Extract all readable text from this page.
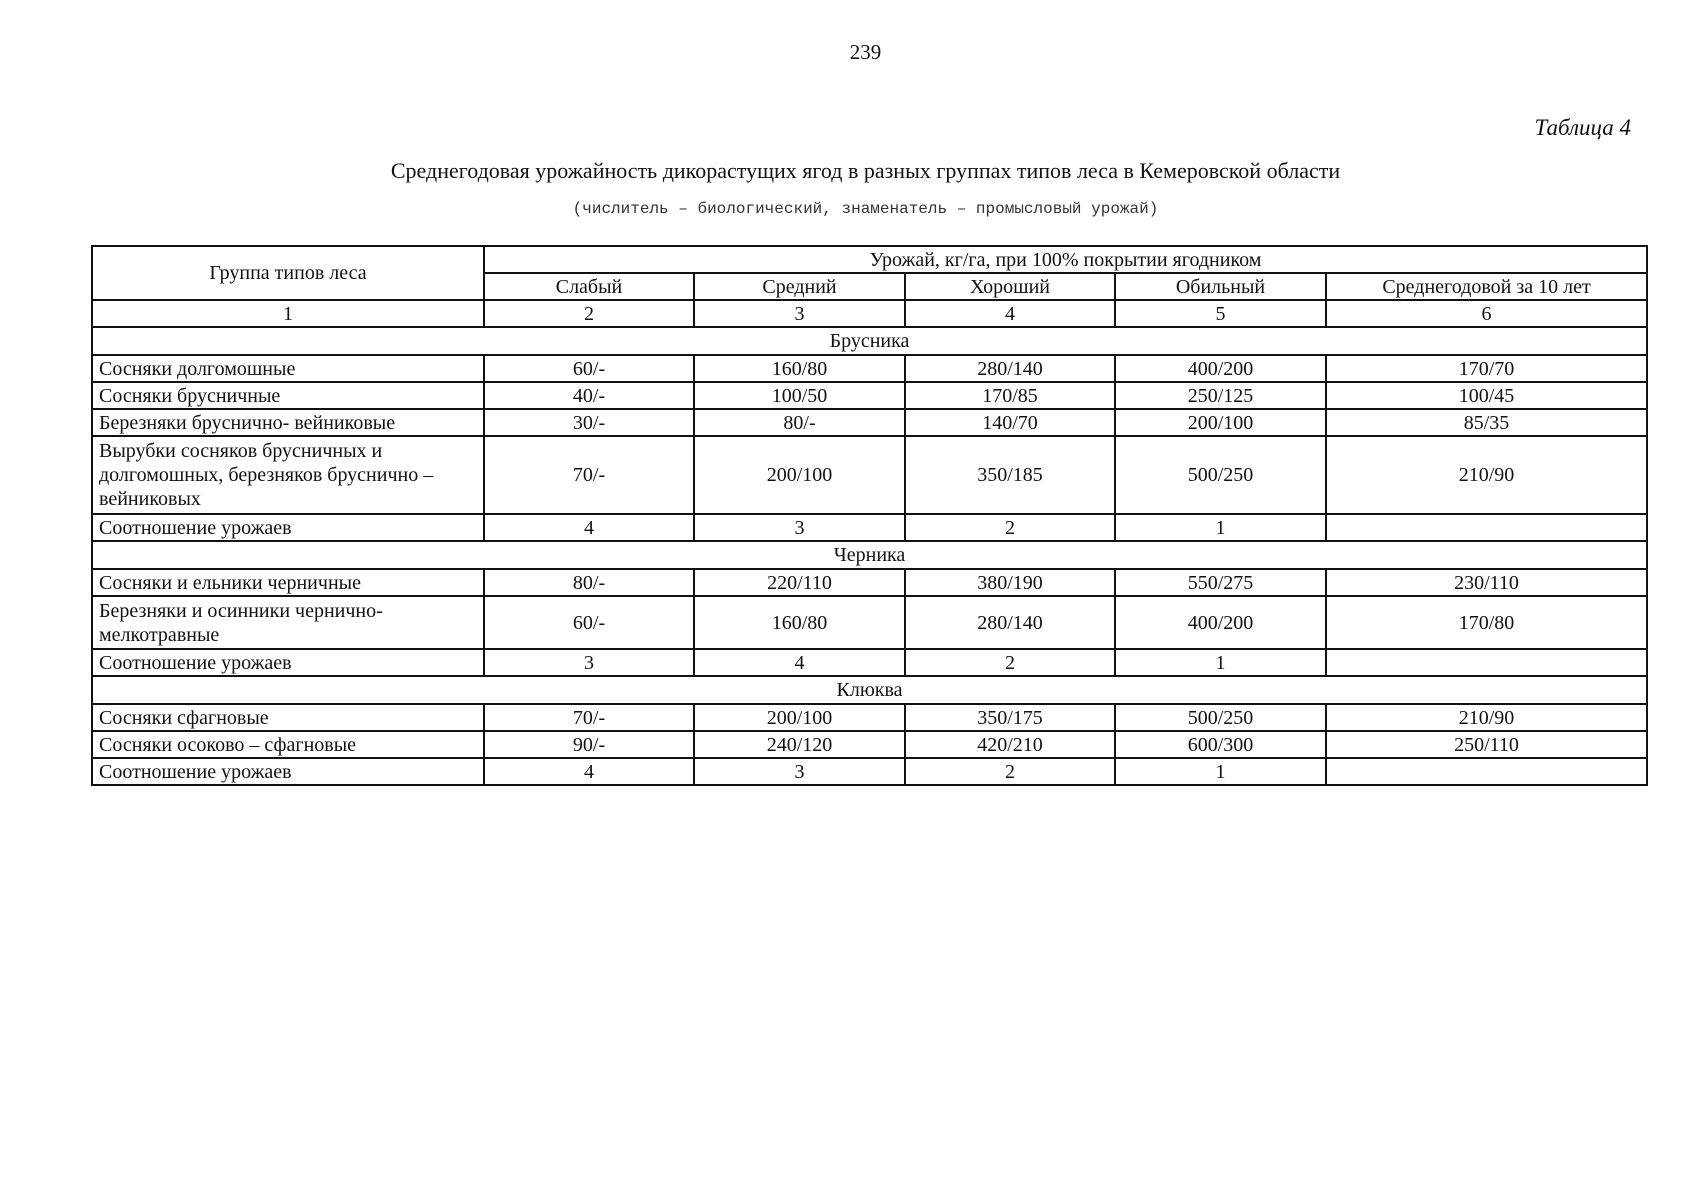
239
Таблица 4
Среднегодовая урожайность дикорастущих ягод в разных группах типов леса в Кемеровской области
(числитель – биологический, знаменатель – промысловый урожай)
Группа типов леса	Урожай, кг/га, при 100% покрытии ягодником				
	Слабый	Средний	Хороший	Обильный	Среднегодовой за 10 лет
1	2	3	4	5	6
Брусника					
Сосняки долгомошные	60/-	160/80	280/140	400/200	170/70
Сосняки брусничные	40/-	100/50	170/85	250/125	100/45
Березняки бруснично- вейниковые	30/-	80/-	140/70	200/100	85/35
Вырубки сосняков брусничных и долгомошных, березняков бруснично – вейниковых	70/-	200/100	350/185	500/250	210/90
Соотношение урожаев	4	3	2	1	
Черника					
Сосняки и ельники черничные	80/-	220/110	380/190	550/275	230/110
Березняки и осинники чернично-мелкотравные	60/-	160/80	280/140	400/200	170/80
Соотношение урожаев	3	4	2	1	
Клюква					
Сосняки сфагновые	70/-	200/100	350/175	500/250	210/90
Сосняки осоково – сфагновые	90/-	240/120	420/210	600/300	250/110
Соотношение урожаев	4	3	2	1	
